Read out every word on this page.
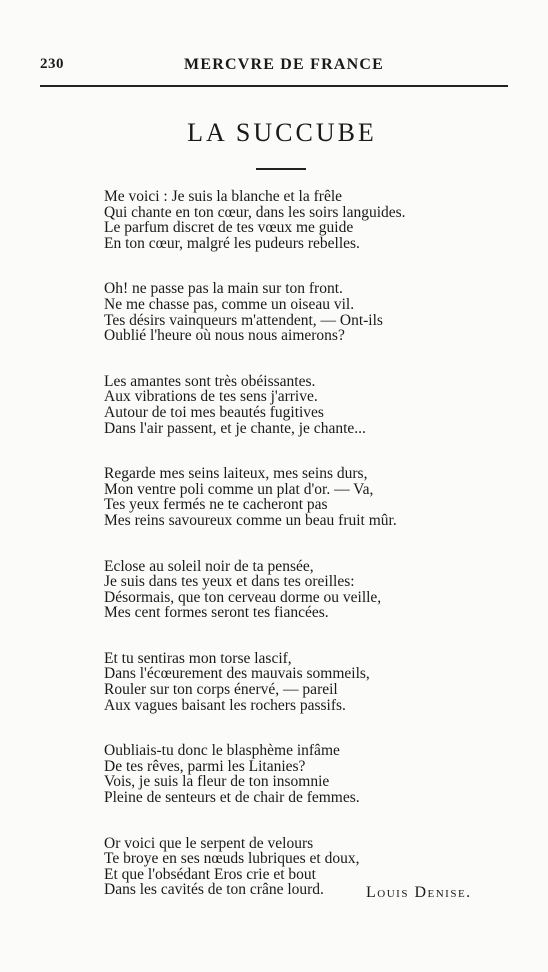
230	MERCVRE DE FRANCE
LA SUCCUBE
Me voici : Je suis la blanche et la frêle
Qui chante en ton cœur, dans les soirs languides.
Le parfum discret de tes vœux me guide
En ton cœur, malgré les pudeurs rebelles.
Oh! ne passe pas la main sur ton front.
Ne me chasse pas, comme un oiseau vil.
Tes désirs vainqueurs m'attendent, — Ont-ils
Oublié l'heure où nous nous aimerons?
Les amantes sont très obéissantes.
Aux vibrations de tes sens j'arrive.
Autour de toi mes beautés fugitives
Dans l'air passent, et je chante, je chante...
Regarde mes seins laiteux, mes seins durs,
Mon ventre poli comme un plat d'or. — Va,
Tes yeux fermés ne te cacheront pas
Mes reins savoureux comme un beau fruit mûr.
Eclose au soleil noir de ta pensée,
Je suis dans tes yeux et dans tes oreilles:
Désormais, que ton cerveau dorme ou veille,
Mes cent formes seront tes fiancées.
Et tu sentiras mon torse lascif,
Dans l'écœurement des mauvais sommeils,
Rouler sur ton corps énervé, — pareil
Aux vagues baisant les rochers passifs.
Oubliais-tu donc le blasphème infâme
De tes rêves, parmi les Litanies?
Vois, je suis la fleur de ton insomnie
Pleine de senteurs et de chair de femmes.
Or voici que le serpent de velours
Te broye en ses nœuds lubriques et doux,
Et que l'obsédant Eros crie et bout
Dans les cavités de ton crâne lourd.	Louis Denise.
